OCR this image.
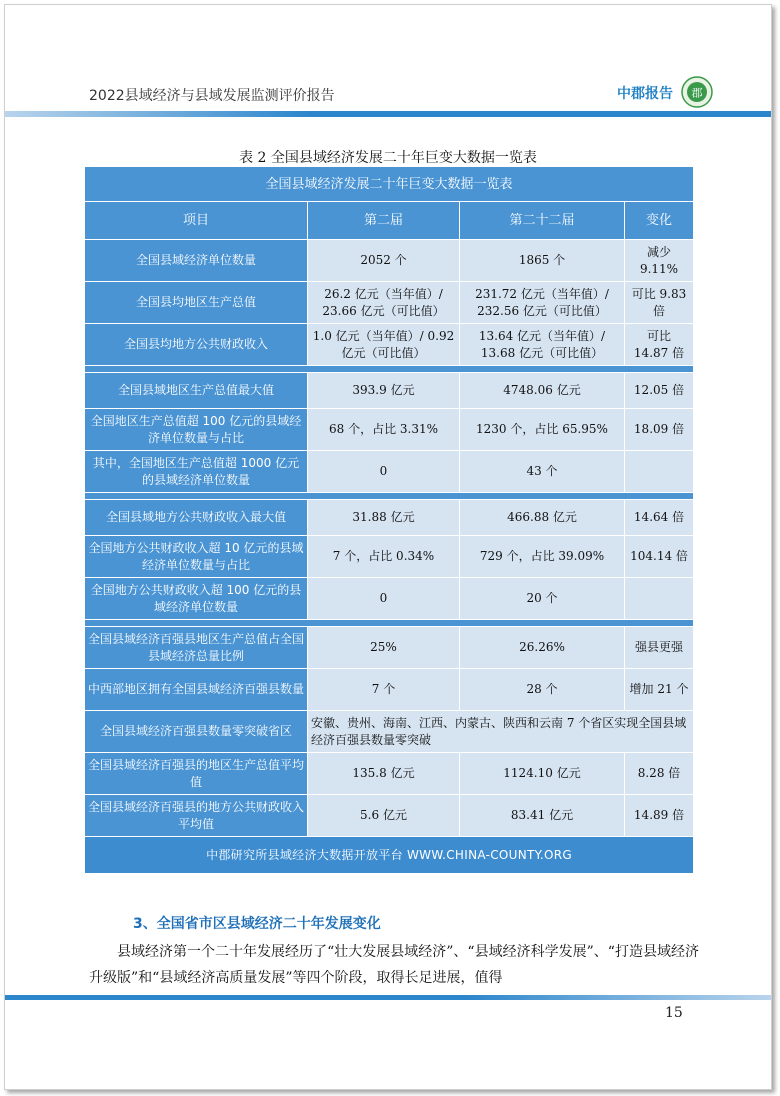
2022县域经济与县域发展监测评价报告	中郡报告 郡
表 2 全国县域经济发展二十年巨变大数据一览表
全国县域经济发展二十年巨变大数据一览表			
项目	第二届	第二十二届	变化
全国县域经济单位数量	2052 个	1865 个	减少 9.11%
全国县均地区生产总值	26.2 亿元（当年值）/ 23.66 亿元（可比值）	231.72 亿元（当年值）/ 232.56 亿元（可比值）	可比 9.83 倍
全国县均地方公共财政收入	1.0 亿元（当年值）/ 0.92 亿元（可比值）	13.64 亿元（当年值）/ 13.68 亿元（可比值）	可比 14.87 倍

全国县域地区生产总值最大值	393.9 亿元	4748.06 亿元	12.05 倍
全国地区生产总值超 100 亿元的县域经济单位数量与占比	68 个，占比 3.31%	1230 个，占比 65.95%	18.09 倍
其中，全国地区生产总值超 1000 亿元的县域经济单位数量	0	43 个	

全国县域地方公共财政收入最大值	31.88 亿元	466.88 亿元	14.64 倍
全国地方公共财政收入超 10 亿元的县域经济单位数量与占比	7 个，占比 0.34%	729 个，占比 39.09%	104.14 倍
全国地方公共财政收入超 100 亿元的县域经济单位数量	0	20 个	

全国县域经济百强县地区生产总值占全国县域经济总量比例	25%	26.26%	强县更强
中西部地区拥有全国县域经济百强县数量	7 个	28 个	增加 21 个
全国县域经济百强县数量零突破省区	安徽、贵州、海南、江西、内蒙古、陕西和云南 7 个省区实现全国县域经济百强县数量零突破		
全国县域经济百强县的地区生产总值平均值	135.8 亿元	1124.10 亿元	8.28 倍
全国县域经济百强县的地方公共财政收入平均值	5.6 亿元	83.41 亿元	14.89 倍
中郡研究所县域经济大数据开放平台 WWW.CHINA-COUNTY.ORG			
3、全国省市区县域经济二十年发展变化
县域经济第一个二十年发展经历了“壮大发展县域经济”、“县域经济科学发展”、“打造县域经济升级版”和“县域经济高质量发展”等四个阶段，取得长足进展，值得
15
